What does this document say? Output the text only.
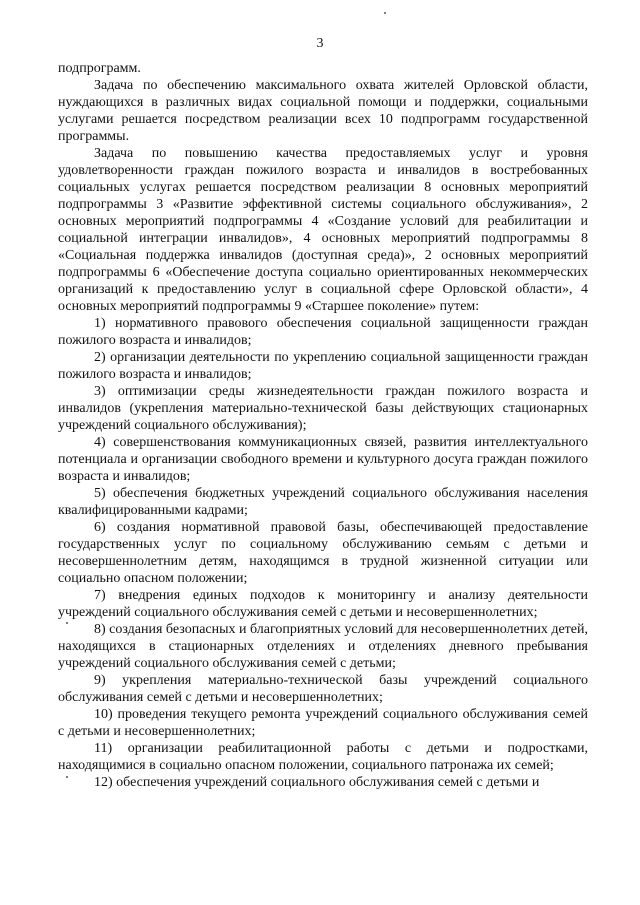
3

подпрограмм.

Задача по обеспечению максимального охвата жителей Орловской области, нуждающихся в различных видах социальной помощи и поддержки, социальными услугами решается посредством реализации всех 10 подпрограмм государственной программы.

Задача по повышению качества предоставляемых услуг и уровня удовлетворенности граждан пожилого возраста и инвалидов в востребованных социальных услугах решается посредством реализации 8 основных мероприятий подпрограммы 3 «Развитие эффективной системы социального обслуживания», 2 основных мероприятий подпрограммы 4 «Создание условий для реабилитации и социальной интеграции инвалидов», 4 основных мероприятий подпрограммы 8 «Социальная поддержка инвалидов (доступная среда)», 2 основных мероприятий подпрограммы 6 «Обеспечение доступа социально ориентированных некоммерческих организаций к предоставлению услуг в социальной сфере Орловской области», 4 основных мероприятий подпрограммы 9 «Старшее поколение» путем:

1) нормативного правового обеспечения социальной защищенности граждан пожилого возраста и инвалидов;

2) организации деятельности по укреплению социальной защищенности граждан пожилого возраста и инвалидов;

3) оптимизации среды жизнедеятельности граждан пожилого возраста и инвалидов (укрепления материально-технической базы действующих стационарных учреждений социального обслуживания);

4) совершенствования коммуникационных связей, развития интеллектуального потенциала и организации свободного времени и культурного досуга граждан пожилого возраста и инвалидов;

5) обеспечения бюджетных учреждений социального обслуживания населения квалифицированными кадрами;

6) создания нормативной правовой базы, обеспечивающей предоставление государственных услуг по социальному обслуживанию семьям с детьми и несовершеннолетним детям, находящимся в трудной жизненной ситуации или социально опасном положении;

7) внедрения единых подходов к мониторингу и анализу деятельности учреждений социального обслуживания семей с детьми и несовершеннолетних;

8) создания безопасных и благоприятных условий для несовершеннолетних детей, находящихся в стационарных отделениях и отделениях дневного пребывания учреждений социального обслуживания семей с детьми;

9) укрепления материально-технической базы учреждений социального обслуживания семей с детьми и несовершеннолетних;

10) проведения текущего ремонта учреждений социального обслуживания семей с детьми и несовершеннолетних;

11) организации реабилитационной работы с детьми и подростками, находящимися в социально опасном положении, социального патронажа их семей;

12) обеспечения учреждений социального обслуживания семей с детьми и
